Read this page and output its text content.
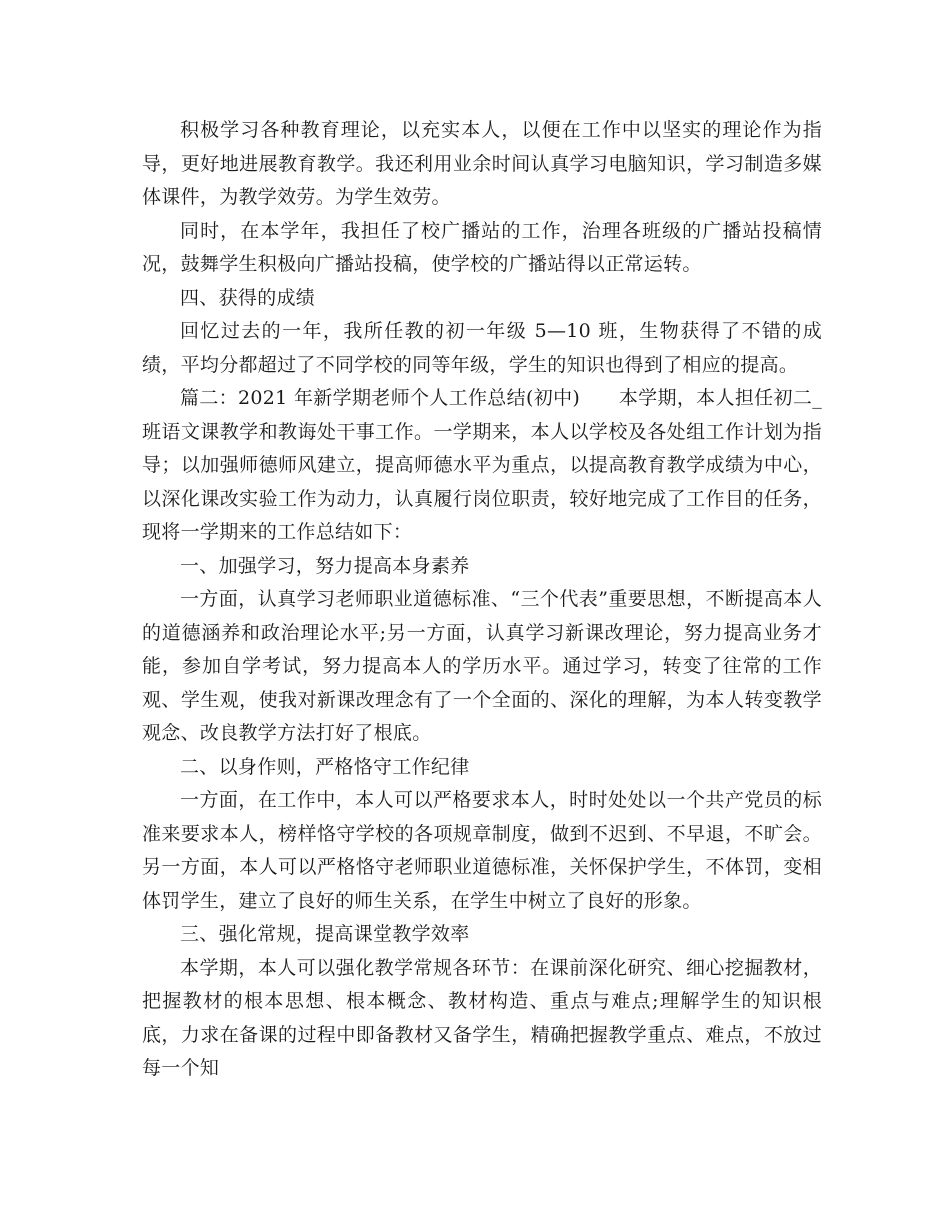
积极学习各种教育理论，以充实本人，以便在工作中以坚实的理论作为指导，更好地进展教育教学。我还利用业余时间认真学习电脑知识，学习制造多媒体课件，为教学效劳。为学生效劳。

同时，在本学年，我担任了校广播站的工作，治理各班级的广播站投稿情况，鼓舞学生积极向广播站投稿，使学校的广播站得以正常运转。

四、获得的成绩

回忆过去的一年，我所任教的初一年级 5—10 班，生物获得了不错的成绩，平均分都超过了不同学校的同等年级，学生的知识也得到了相应的提高。

篇二：2021 年新学期老师个人工作总结(初中)　　本学期，本人担任初二_班语文课教学和教诲处干事工作。一学期来，本人以学校及各处组工作计划为指导；以加强师德师风建立，提高师德水平为重点，以提高教育教学成绩为中心，以深化课改实验工作为动力，认真履行岗位职责，较好地完成了工作目的任务，现将一学期来的工作总结如下：

一、加强学习，努力提高本身素养

一方面，认真学习老师职业道德标准、“三个代表”重要思想，不断提高本人的道德涵养和政治理论水平;另一方面，认真学习新课改理论，努力提高业务才能，参加自学考试，努力提高本人的学历水平。通过学习，转变了往常的工作观、学生观，使我对新课改理念有了一个全面的、深化的理解，为本人转变教学观念、改良教学方法打好了根底。

二、以身作则，严格恪守工作纪律

一方面，在工作中，本人可以严格要求本人，时时处处以一个共产党员的标准来要求本人，榜样恪守学校的各项规章制度，做到不迟到、不早退，不旷会。另一方面，本人可以严格恪守老师职业道德标准，关怀保护学生，不体罚，变相体罚学生，建立了良好的师生关系，在学生中树立了良好的形象。

三、强化常规，提高课堂教学效率

本学期，本人可以强化教学常规各环节：在课前深化研究、细心挖掘教材，把握教材的根本思想、根本概念、教材构造、重点与难点;理解学生的知识根底，力求在备课的过程中即备教材又备学生，精确把握教学重点、难点，不放过每一个知
